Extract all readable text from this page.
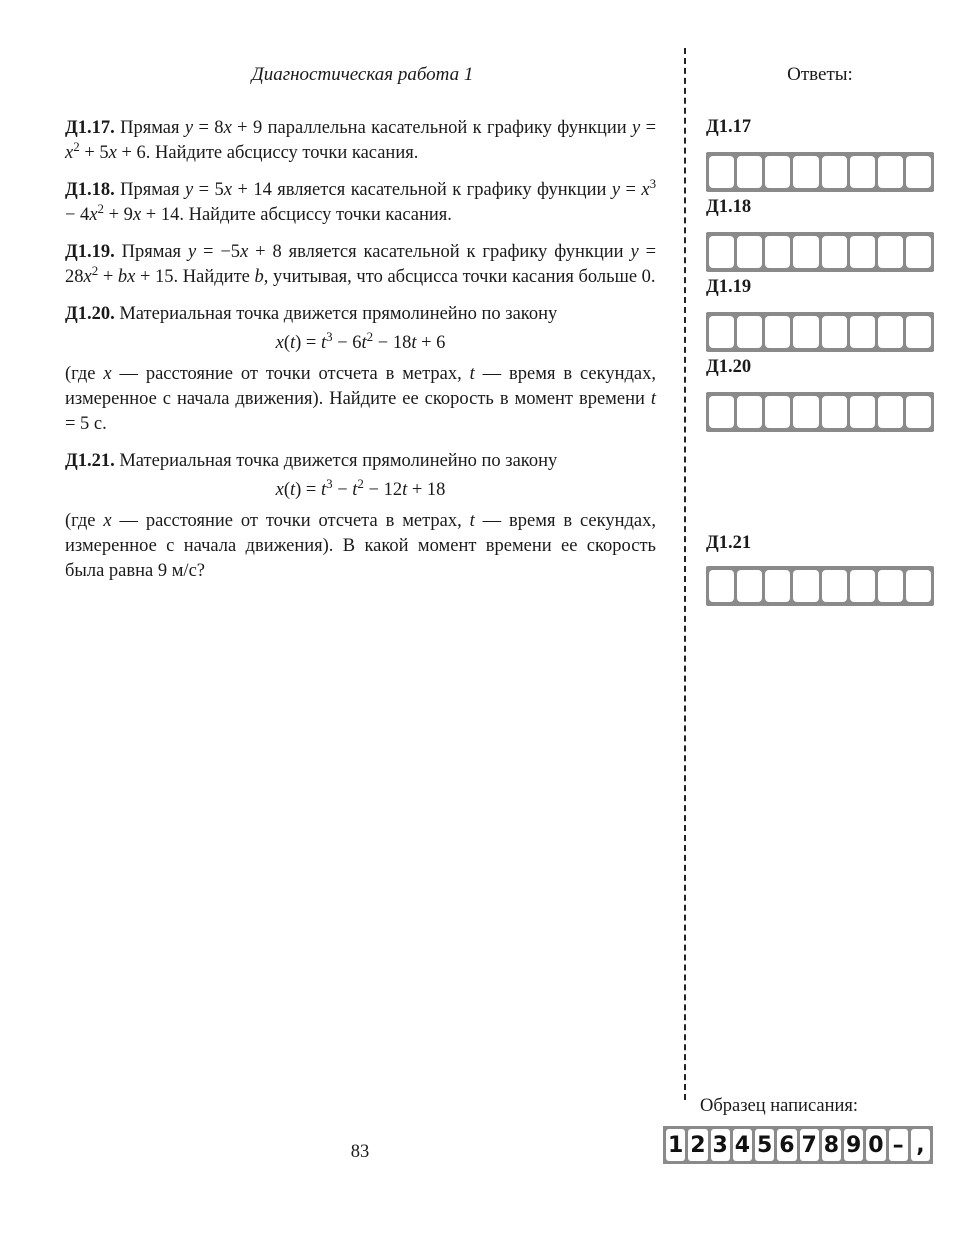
Диагностическая работа 1	Ответы:

Д1.17. Прямая y = 8x + 9 параллельна касательной к графику функции $y = x^2 + 5x + 6$. Найдите абсциссу точки касания.

Д1.18. Прямая y = 5x + 14 является касательной к графику функции $y = x^3 - 4x^2 + 9x + 14$. Найдите абсциссу точки касания.

Д1.19. Прямая y = −5x + 8 является касательной к графику функции $y = 28x^2$ + bx + 15. Найдите b, учитывая, что абсцисса точки касания больше 0.

Д1.20. Материальная точка движется прямолинейно по закону
$x(t) = t^3 - 6t^2 - 18t + 6$
(где x — расстояние от точки отсчета в метрах, t — время в секундах, измеренное с начала движения). Найдите ее скорость в момент времени t = 5 с.
Д1.21. Материальная точка движется прямолинейно по закону
$x(t) = t^3 - t^2 - 12t + 18$
(где x — расстояние от точки отсчета в метрах, t — время в секундах, измеренное с начала движения). В какой момент времени ее скорость была равна 9 м/с?
Д1.17
Д1.18
Д1.19
Д1.20
Д1.21
Образец написания:
1 2 3 4 5 6 7 8 9 0 – ,
83
